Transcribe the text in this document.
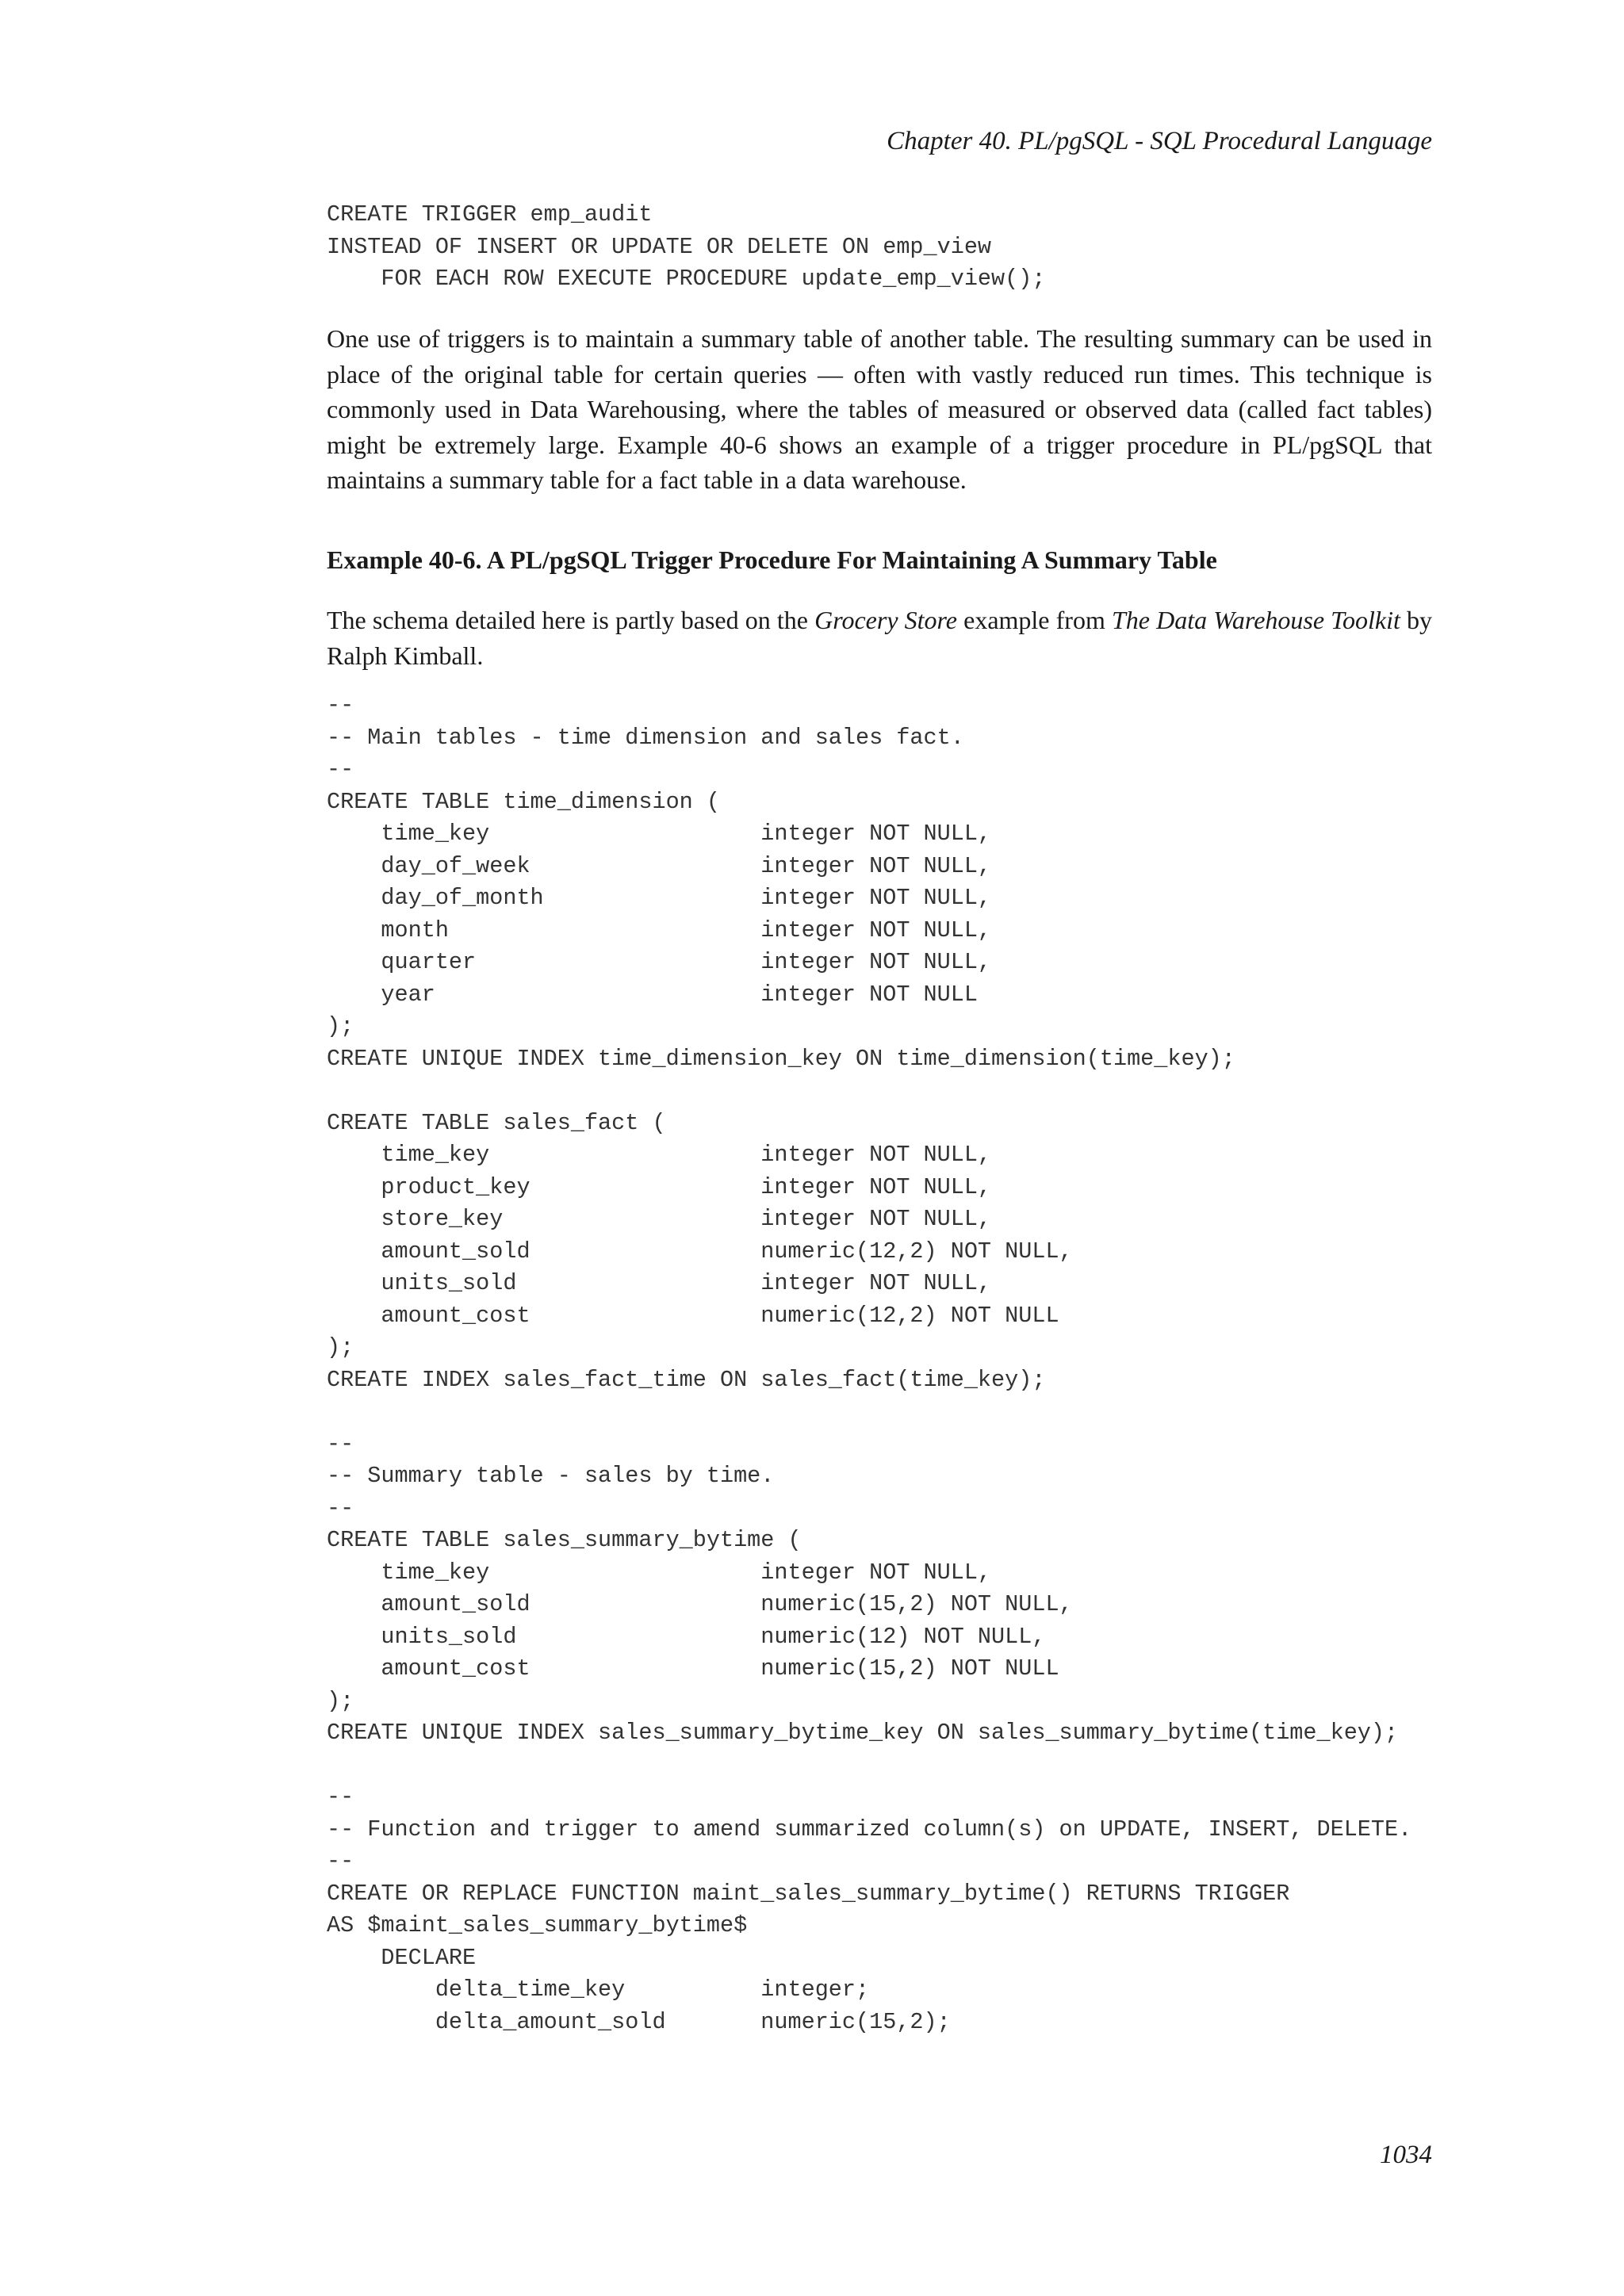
Chapter 40. PL/pgSQL - SQL Procedural Language
CREATE TRIGGER emp_audit
INSTEAD OF INSERT OR UPDATE OR DELETE ON emp_view
FOR EACH ROW EXECUTE PROCEDURE update_emp_view();

One use of triggers is to maintain a summary table of another table. The resulting summary can be used in place of the original table for certain queries — often with vastly reduced run times. This technique is commonly used in Data Warehousing, where the tables of measured or observed data (called fact tables) might be extremely large. Example 40-6 shows an example of a trigger procedure in PL/pgSQL that maintains a summary table for a fact table in a data warehouse.

Example 40-6. A PL/pgSQL Trigger Procedure For Maintaining A Summary Table

The schema detailed here is partly based on the Grocery Store example from The Data Warehouse Toolkit by Ralph Kimball.

--
-- Main tables - time dimension and sales fact.
--
CREATE TABLE time_dimension (
time_key                    integer NOT NULL,
day_of_week                 integer NOT NULL,
day_of_month                integer NOT NULL,
month                       integer NOT NULL,
quarter                     integer NOT NULL,
year                        integer NOT NULL
);
CREATE UNIQUE INDEX time_dimension_key ON time_dimension(time_key);

CREATE TABLE sales_fact (
time_key                    integer NOT NULL,
product_key                 integer NOT NULL,
store_key                   integer NOT NULL,
amount_sold                 numeric(12,2) NOT NULL,
units_sold                  integer NOT NULL,
amount_cost                 numeric(12,2) NOT NULL
);
CREATE INDEX sales_fact_time ON sales_fact(time_key);

--
-- Summary table - sales by time.
--
CREATE TABLE sales_summary_bytime (
time_key                    integer NOT NULL,
amount_sold                 numeric(15,2) NOT NULL,
units_sold                  numeric(12) NOT NULL,
amount_cost                 numeric(15,2) NOT NULL
);
CREATE UNIQUE INDEX sales_summary_bytime_key ON sales_summary_bytime(time_key);

--
-- Function and trigger to amend summarized column(s) on UPDATE, INSERT, DELETE.
--
CREATE OR REPLACE FUNCTION maint_sales_summary_bytime() RETURNS TRIGGER
AS $maint_sales_summary_bytime$
DECLARE
delta_time_key          integer;
delta_amount_sold       numeric(15,2);
1034
